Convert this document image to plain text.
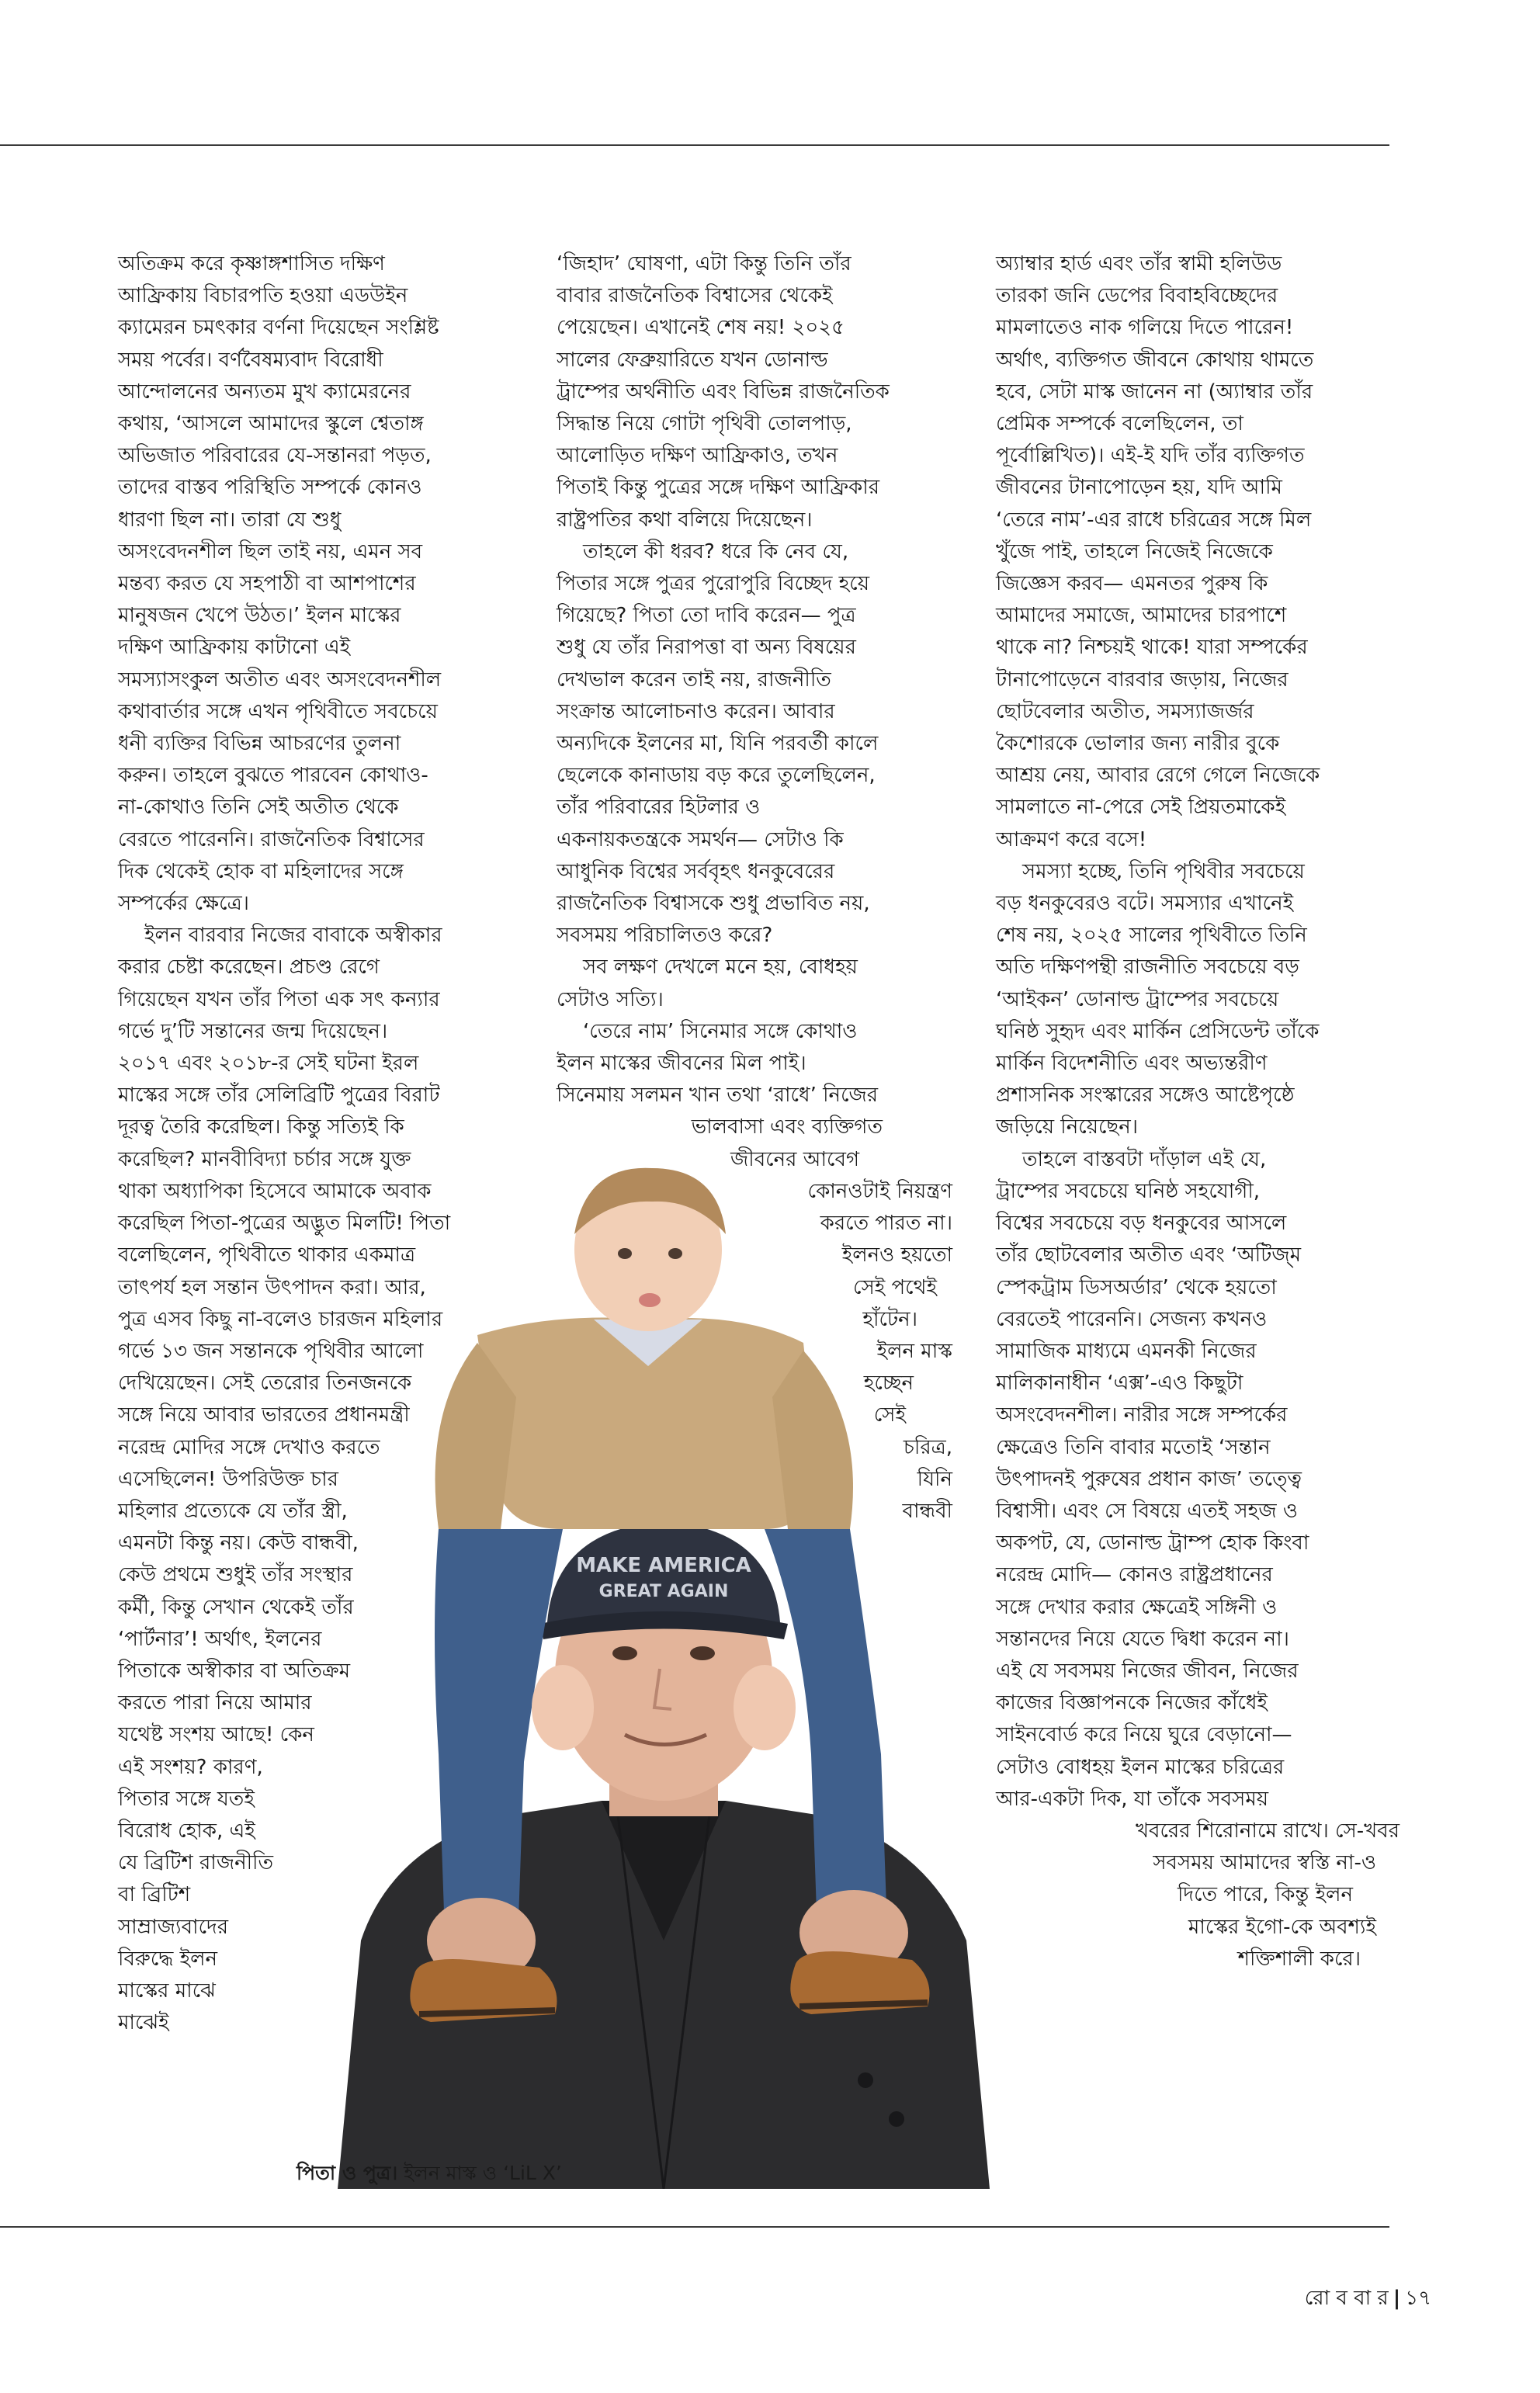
MAKE AMERICA
GREAT AGAIN

অতিক্রম করে কৃষ্ণাঙ্গশাসিত দক্ষিণ

আফ্রিকায় বিচারপতি হওয়া এডউইন

ক্যামেরন চমৎকার বর্ণনা দিয়েছেন সংশ্লিষ্ট

সময় পর্বের। বর্ণবৈষম্যবাদ বিরোধী

আন্দোলনের অন্যতম মুখ ক্যামেরনের

কথায়, ‘আসলে আমাদের স্কুলে শ্বেতাঙ্গ

অভিজাত পরিবারের যে-সন্তানরা পড়ত,

তাদের বাস্তব পরিস্থিতি সম্পর্কে কোনও

ধারণা ছিল না। তারা যে শুধু

অসংবেদনশীল ছিল তাই নয়, এমন সব

মন্তব্য করত যে সহপাঠী বা আশপাশের

মানুষজন খেপে উঠত।’ ইলন মাস্কের

দক্ষিণ আফ্রিকায় কাটানো এই

সমস্যাসংকুল অতীত এবং অসংবেদনশীল

কথাবার্তার সঙ্গে এখন পৃথিবীতে সবচেয়ে

ধনী ব্যক্তির বিভিন্ন আচরণের তুলনা

করুন। তাহলে বুঝতে পারবেন কোথাও-

না-কোথাও তিনি সেই অতীত থেকে

বেরতে পারেননি। রাজনৈতিক বিশ্বাসের

দিক থেকেই হোক বা মহিলাদের সঙ্গে

সম্পর্কের ক্ষেত্রে।

ইলন বারবার নিজের বাবাকে অস্বীকার

করার চেষ্টা করেছেন। প্রচণ্ড রেগে

গিয়েছেন যখন তাঁর পিতা এক সৎ কন্যার

গর্ভে দু’টি সন্তানের জন্ম দিয়েছেন।

২০১৭ এবং ২০১৮-র সেই ঘটনা ইরল

মাস্কের সঙ্গে তাঁর সেলিব্রিটি পুত্রের বিরাট

দূরত্ব তৈরি করেছিল। কিন্তু সত্যিই কি

করেছিল? মানবীবিদ্যা চর্চার সঙ্গে যুক্ত

থাকা অধ্যাপিকা হিসেবে আমাকে অবাক

করেছিল পিতা-পুত্রের অদ্ভুত মিলটি! পিতা

বলেছিলেন, পৃথিবীতে থাকার একমাত্র

তাৎপর্য হল সন্তান উৎপাদন করা। আর,

পুত্র এসব কিছু না-বলেও চারজন মহিলার

গর্ভে ১৩ জন সন্তানকে পৃথিবীর আলো

দেখিয়েছেন। সেই তেরোর তিনজনকে

সঙ্গে নিয়ে আবার ভারতের প্রধানমন্ত্রী

নরেন্দ্র মোদির সঙ্গে দেখাও করতে

এসেছিলেন! উপরিউক্ত চার

মহিলার প্রত্যেকে যে তাঁর স্ত্রী,

এমনটা কিন্তু নয়। কেউ বান্ধবী,

কেউ প্রথমে শুধুই তাঁর সংস্থার

কর্মী, কিন্তু সেখান থেকেই তাঁর

‘পার্টনার’! অর্থাৎ, ইলনের

পিতাকে অস্বীকার বা অতিক্রম

করতে পারা নিয়ে আমার

যথেষ্ট সংশয় আছে! কেন

এই সংশয়? কারণ,

পিতার সঙ্গে যতই

বিরোধ হোক, এই

যে ব্রিটিশ রাজনীতি

বা ব্রিটিশ

সাম্রাজ্যবাদের

বিরুদ্ধে ইলন

মাস্কের মাঝে

মাঝেই

‘জিহাদ’ ঘোষণা, এটা কিন্তু তিনি তাঁর

বাবার রাজনৈতিক বিশ্বাসের থেকেই

পেয়েছেন। এখানেই শেষ নয়! ২০২৫

সালের ফেব্রুয়ারিতে যখন ডোনাল্ড

ট্রাম্পের অর্থনীতি এবং বিভিন্ন রাজনৈতিক

সিদ্ধান্ত নিয়ে গোটা পৃথিবী তোলপাড়,

আলোড়িত দক্ষিণ আফ্রিকাও, তখন

পিতাই কিন্তু পুত্রের সঙ্গে দক্ষিণ আফ্রিকার

রাষ্ট্রপতির কথা বলিয়ে দিয়েছেন।

তাহলে কী ধরব? ধরে কি নেব যে,

পিতার সঙ্গে পুত্রর পুরোপুরি বিচ্ছেদ হয়ে

গিয়েছে? পিতা তো দাবি করেন— পুত্র

শুধু যে তাঁর নিরাপত্তা বা অন্য বিষয়ের

দেখভাল করেন তাই নয়, রাজনীতি

সংক্রান্ত আলোচনাও করেন। আবার

অন্যদিকে ইলনের মা, যিনি পরবর্তী কালে

ছেলেকে কানাডায় বড় করে তুলেছিলেন,

তাঁর পরিবারের হিটলার ও

একনায়কতন্ত্রকে সমর্থন— সেটাও কি

আধুনিক বিশ্বের সর্ববৃহৎ ধনকুবেরের

রাজনৈতিক বিশ্বাসকে শুধু প্রভাবিত নয়,

সবসময় পরিচালিতও করে?

সব লক্ষণ দেখলে মনে হয়, বোধহয়

সেটাও সত্যি।

‘তেরে নাম’ সিনেমার সঙ্গে কোথাও

ইলন মাস্কের জীবনের মিল পাই।

সিনেমায় সলমন খান তথা ‘রাধে’ নিজের

ভালবাসা এবং ব্যক্তিগত

জীবনের আবেগ

কোনওটাই নিয়ন্ত্রণ

করতে পারত না।

ইলনও হয়তো

সেই পথেই

হাঁটেন।

ইলন মাস্ক

হচ্ছেন

সেই

চরিত্র,

যিনি

বান্ধবী

অ্যাম্বার হার্ড এবং তাঁর স্বামী হলিউড

তারকা জনি ডেপের বিবাহবিচ্ছেদের

মামলাতেও নাক গলিয়ে দিতে পারেন!

অর্থাৎ, ব্যক্তিগত জীবনে কোথায় থামতে

হবে, সেটা মাস্ক জানেন না (অ্যাম্বার তাঁর

প্রেমিক সম্পর্কে বলেছিলেন, তা

পূর্বোল্লিখিত)। এই-ই যদি তাঁর ব্যক্তিগত

জীবনের টানাপোড়েন হয়, যদি আমি

‘তেরে নাম’-এর রাধে চরিত্রের সঙ্গে মিল

খুঁজে পাই, তাহলে নিজেই নিজেকে

জিজ্ঞেস করব— এমনতর পুরুষ কি

আমাদের সমাজে, আমাদের চারপাশে

থাকে না? নিশ্চয়ই থাকে! যারা সম্পর্কের

টানাপোড়েনে বারবার জড়ায়, নিজের

ছোটবেলার অতীত, সমস্যাজর্জর

কৈশোরকে ভোলার জন্য নারীর বুকে

আশ্রয় নেয়, আবার রেগে গেলে নিজেকে

সামলাতে না-পেরে সেই প্রিয়তমাকেই

আক্রমণ করে বসে!

সমস্যা হচ্ছে, তিনি পৃথিবীর সবচেয়ে

বড় ধনকুবেরও বটে। সমস্যার এখানেই

শেষ নয়, ২০২৫ সালের পৃথিবীতে তিনি

অতি দক্ষিণপন্থী রাজনীতি সবচেয়ে বড়

‘আইকন’ ডোনাল্ড ট্রাম্পের সবচেয়ে

ঘনিষ্ঠ সুহৃদ এবং মার্কিন প্রেসিডেন্ট তাঁকে

মার্কিন বিদেশনীতি এবং অভ্যন্তরীণ

প্রশাসনিক সংস্কারের সঙ্গেও আষ্টেপৃষ্ঠে

জড়িয়ে নিয়েছেন।

তাহলে বাস্তবটা দাঁড়াল এই যে,

ট্রাম্পের সবচেয়ে ঘনিষ্ঠ সহযোগী,

বিশ্বের সবচেয়ে বড় ধনকুবের আসলে

তাঁর ছোটবেলার অতীত এবং ‘অটিজ্ম

স্পেকট্রাম ডিসঅর্ডার’ থেকে হয়তো

বেরতেই পারেননি। সেজন্য কখনও

সামাজিক মাধ্যমে এমনকী নিজের

মালিকানাধীন ‘এক্স’-এও কিছুটা

অসংবেদনশীল। নারীর সঙ্গে সম্পর্কের

ক্ষেত্রেও তিনি বাবার মতোই ‘সন্তান

উৎপাদনই পুরুষের প্রধান কাজ’ তত্ত্বে

বিশ্বাসী। এবং সে বিষয়ে এতই সহজ ও

অকপট, যে, ডোনাল্ড ট্রাম্প হোক কিংবা

নরেন্দ্র মোদি— কোনও রাষ্ট্রপ্রধানের

সঙ্গে দেখার করার ক্ষেত্রেই সঙ্গিনী ও

সন্তানদের নিয়ে যেতে দ্বিধা করেন না।

এই যে সবসময় নিজের জীবন, নিজের

কাজের বিজ্ঞাপনকে নিজের কাঁধেই

সাইনবোর্ড করে নিয়ে ঘুরে বেড়ানো—

সেটাও বোধহয় ইলন মাস্কের চরিত্রের

আর-একটা দিক, যা তাঁকে সবসময়

খবরের শিরোনামে রাখে। সে-খবর

সবসময় আমাদের স্বস্তি না-ও

দিতে পারে, কিন্তু ইলন

মাস্কের ইগো-কে অবশ্যই

শক্তিশালী করে।

পিতা ও পুত্র। ইলন মাস্ক ও ‘LiL X’
রো ব বা র | ১৭
